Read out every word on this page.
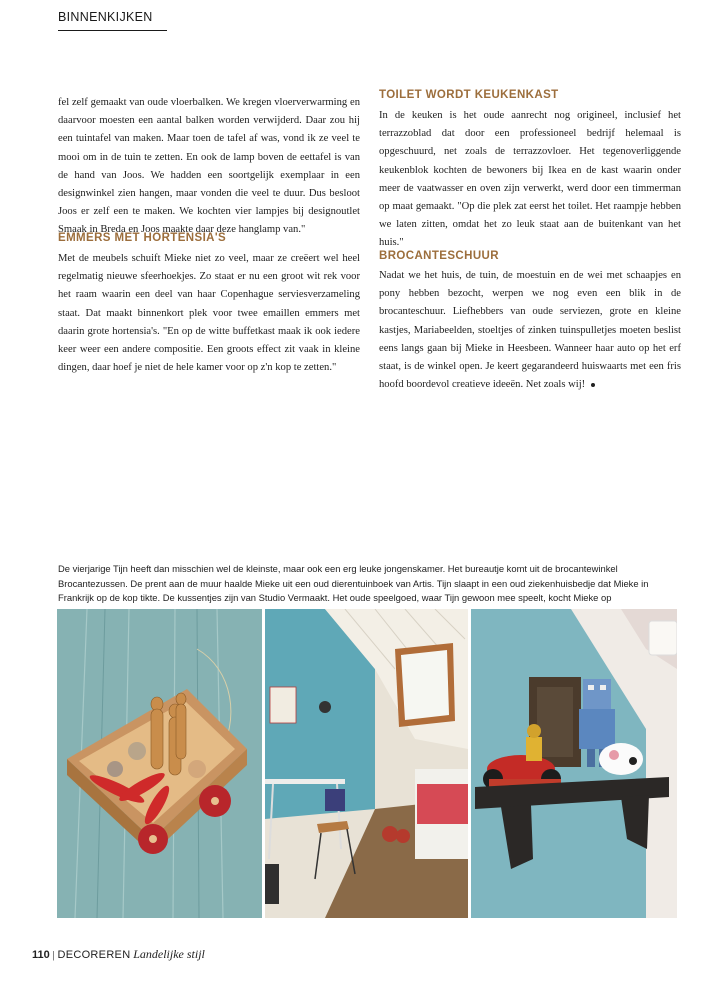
BINNENKIJKEN

fel zelf gemaakt van oude vloerbalken. We kregen vloerverwarming en daarvoor moesten een aantal balken worden verwijderd. Daar zou hij een tuintafel van maken. Maar toen de tafel af was, vond ik ze veel te mooi om in de tuin te zetten. En ook de lamp boven de eettafel is van de hand van Joos. We hadden een soortgelijk exemplaar in een designwinkel zien hangen, maar vonden die veel te duur. Dus besloot Joos er zelf een te maken. We kochten vier lampjes bij designoutlet Smaak in Breda en Joos maakte daar deze hanglamp van."

EMMERS MET HORTENSIA'S

Met de meubels schuift Mieke niet zo veel, maar ze creëert wel heel regelmatig nieuwe sfeerhoekjes. Zo staat er nu een groot wit rek voor het raam waarin een deel van haar Copenhague serviesverzameling staat. Dat maakt binnenkort plek voor twee emaillen emmers met daarin grote hortensia's. "En op de witte buffetkast maak ik ook iedere keer weer een andere compositie. Een groots effect zit vaak in kleine dingen, daar hoef je niet de hele kamer voor op z'n kop te zetten."

TOILET WORDT KEUKENKAST

In de keuken is het oude aanrecht nog origineel, inclusief het terrazzoblad dat door een professioneel bedrijf helemaal is opgeschuurd, net zoals de terrazzovloer. Het tegenoverliggende keukenblok kochten de bewoners bij Ikea en de kast waarin onder meer de vaatwasser en oven zijn verwerkt, werd door een timmerman op maat gemaakt. "Op die plek zat eerst het toilet. Het raampje hebben we laten zitten, omdat het zo leuk staat aan de buitenkant van het huis."

BROCANTESCHUUR

Nadat we het huis, de tuin, de moestuin en de wei met schaapjes en pony hebben bezocht, werpen we nog even een blik in de brocanteschuur. Liefhebbers van oude serviezen, grote en kleine kastjes, Mariabeelden, stoeltjes of zinken tuinspulletjes moeten beslist eens langs gaan bij Mieke in Heesbeen. Wanneer haar auto op het erf staat, is de winkel open. Je keert gegarandeerd huiswaarts met een fris hoofd boordevol creatieve ideeën. Net zoals wij!

De vierjarige Tijn heeft dan misschien wel de kleinste, maar ook een erg leuke jongenskamer. Het bureautje komt uit de brocantewinkel Brocantezussen. De prent aan de muur haalde Mieke uit een oud dierentuinboek van Artis. Tijn slaapt in een oud ziekenhuisbedje dat Mieke in Frankrijk op de kop tikte. De kussentjes zijn van Studio Vermaakt. Het oude speelgoed, waar Tijn gewoon mee speelt, kocht Mieke op
110 | DECOREREN Landelijke stijl
